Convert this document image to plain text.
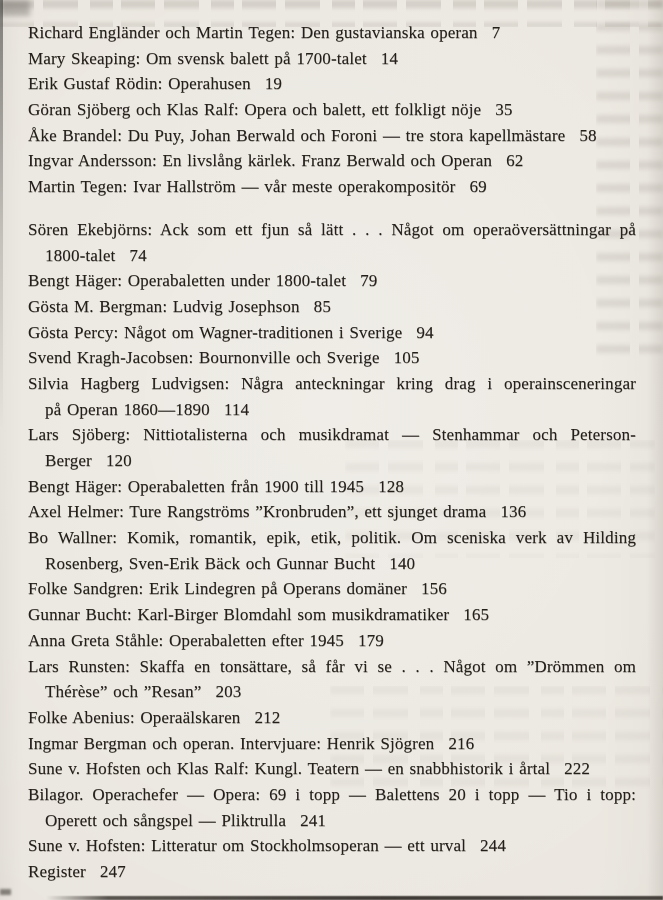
Richard Engländer och Martin Tegen: Den gustavianska operan 7
Mary Skeaping: Om svensk balett på 1700-talet 14
Erik Gustaf Rödin: Operahusen 19
Göran Sjöberg och Klas Ralf: Opera och balett, ett folkligt nöje 35
Åke Brandel: Du Puy, Johan Berwald och Foroni — tre stora kapellmästare 58
Ingvar Andersson: En livslång kärlek. Franz Berwald och Operan 62
Martin Tegen: Ivar Hallström — vår meste operakompositör 69
Sören Ekebjörns: Ack som ett fjun så lätt . . . Något om operaöversättningar på
1800-talet 74
Bengt Häger: Operabaletten under 1800-talet 79
Gösta M. Bergman: Ludvig Josephson 85
Gösta Percy: Något om Wagner-traditionen i Sverige 94
Svend Kragh-Jacobsen: Bournonville och Sverige 105
Silvia Hagberg Ludvigsen: Några anteckningar kring drag i operainsceneringar
på Operan 1860—1890 114
Lars Sjöberg: Nittiotalisterna och musikdramat — Stenhammar och Peterson-
Berger 120
Bengt Häger: Operabaletten från 1900 till 1945 128
Axel Helmer: Ture Rangströms ”Kronbruden”, ett sjunget drama 136
Bo Wallner: Komik, romantik, epik, etik, politik. Om sceniska verk av Hilding
Rosenberg, Sven-Erik Bäck och Gunnar Bucht 140
Folke Sandgren: Erik Lindegren på Operans domäner 156
Gunnar Bucht: Karl-Birger Blomdahl som musikdramatiker 165
Anna Greta Ståhle: Operabaletten efter 1945 179
Lars Runsten: Skaffa en tonsättare, så får vi se . . . Något om ”Drömmen om
Thérèse” och ”Resan” 203
Folke Abenius: Operaälskaren 212
Ingmar Bergman och operan. Intervjuare: Henrik Sjögren 216
Sune v. Hofsten och Klas Ralf: Kungl. Teatern — en snabbhistorik i årtal 222
Bilagor. Operachefer — Opera: 69 i topp — Balettens 20 i topp — Tio i topp:
Operett och sångspel — Pliktrulla 241
Sune v. Hofsten: Litteratur om Stockholmsoperan — ett urval 244
Register 247
